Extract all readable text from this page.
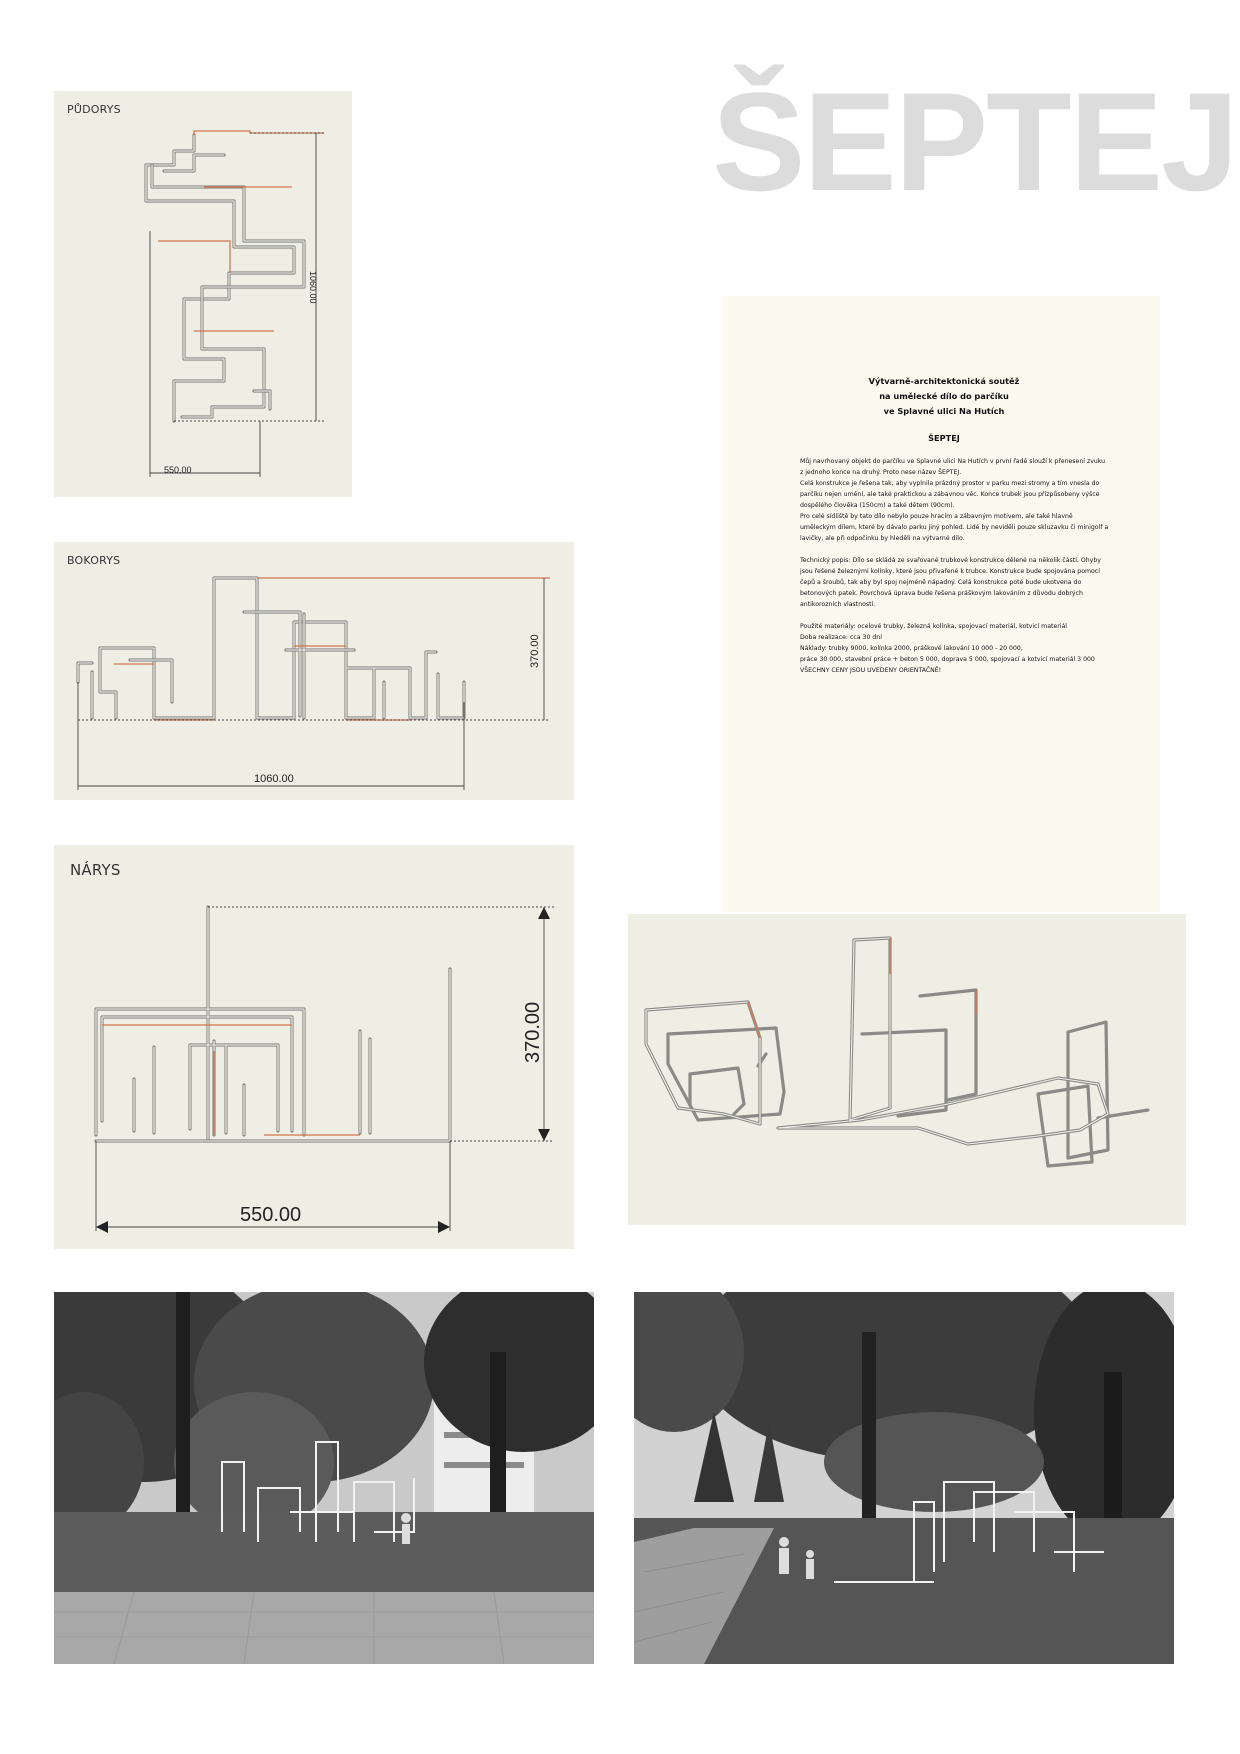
ŠEPTEJ
PŮDORYS
550.00
1060.00
BOKORYS
1060.00
370.00
NÁRYS
550.00
370.00
Výtvarně-architektonická soutěž
na umělecké dílo do parčíku
ve Splavné ulici Na Hutích
ŠEPTEJ
Můj navrhovaný objekt do parčíku ve Splavné ulici Na Hutích v první řadě slouží k přenesení zvuku z jednoho konce na druhý. Proto nese název ŠEPTEJ.
Celá konstrukce je řešena tak, aby vyplnila prázdný prostor v parku mezi stromy a tím vnesla do parčíku nejen umění, ale také praktickou a zábavnou věc. Konce trubek jsou přizpůsobeny výšce dospělého člověka (150cm) a také dětem (90cm).
Pro celé sídliště by tato dílo nebylo pouze hracím a zábavným motivem, ale také hlavně uměleckým dílem, které by dávalo parku jiný pohled. Lidé by neviděli pouze skluzavku či minigolf a lavičky, ale při odpočinku by hleděli na výtvarné dílo.
Technický popis: Dílo se skládá ze svařované trubkové konstrukce dělené na několik částí. Ohyby jsou řešené železnými kolínky, které jsou přivařené k trubce. Konstrukce bude spojována pomocí čepů a šroubů, tak aby byl spoj nejméně nápadný. Celá konstrukce poté bude ukotvena do betonových patek. Povrchová úprava bude řešena práškovým lakováním z důvodu dobrých antikorozních vlastností.
Použité materiály: ocelové trubky, železná kolínka, spojovací materiál, kotvicí materiál
Doba realizace: cca 30 dní
Náklady: trubky 9000, kolínka 2000, práškové lakování 10 000 - 20 000,
práce 30 000, stavební práce + beton 5 000, doprava 5 000, spojovací a kotvicí materiál 3 000
VŠECHNY CENY JSOU UVEDENY ORIENTAČNĚ!
